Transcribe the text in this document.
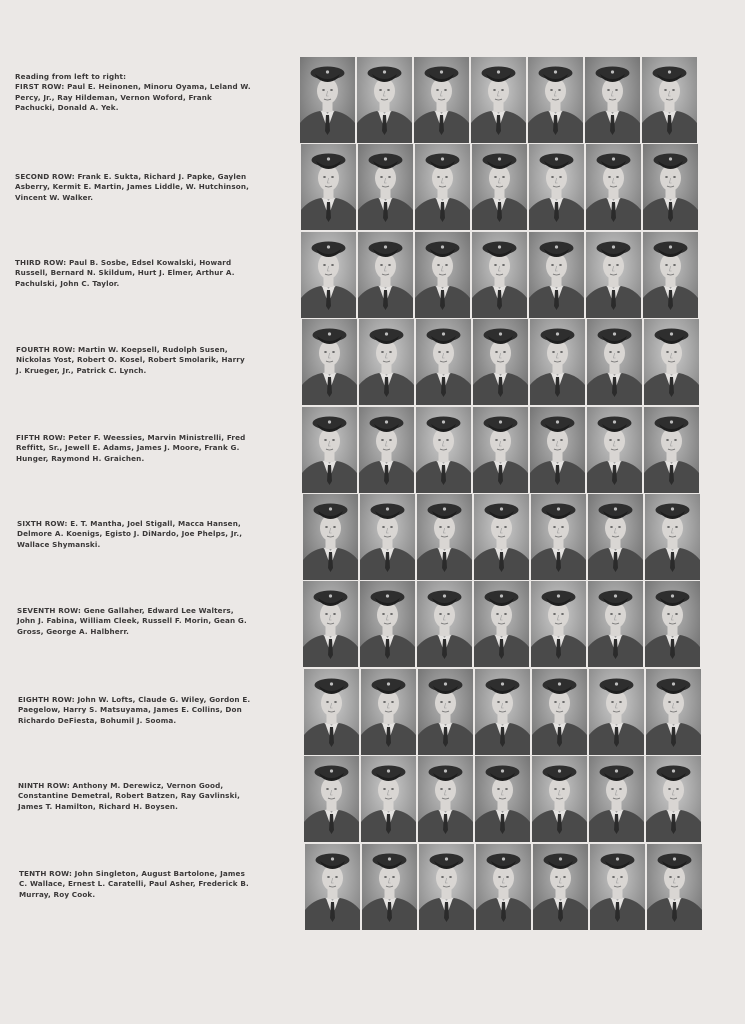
Reading from left to right:
FIRST ROW: Paul E. Heinonen, Minoru Oyama, Leland W. Percy, Jr., Ray Hildeman, Vernon Woford, Frank Pachucki, Donald A. Yek.
SECOND ROW: Frank E. Sukta, Richard J. Papke, Gaylen Asberry, Kermit E. Martin, James Liddle, W. Hutchinson, Vincent W. Walker.
THIRD ROW: Paul B. Sosbe, Edsel Kowalski, Howard Russell, Bernard N. Skildum, Hurt J. Elmer, Arthur A. Pachulski, John C. Taylor.
FOURTH ROW: Martin W. Koepsell, Rudolph Susen, Nickolas Yost, Robert O. Kosel, Robert Smolarik, Harry J. Krueger, Jr., Patrick C. Lynch.
FIFTH ROW: Peter F. Weessies, Marvin Ministrelli, Fred Reffitt, Sr., Jewell E. Adams, James J. Moore, Frank G. Hunger, Raymond H. Graichen.
SIXTH ROW: E. T. Mantha, Joel Stigall, Macca Hansen, Delmore A. Koenigs, Egisto J. DiNardo, Joe Phelps, Jr., Wallace Shymanski.
SEVENTH ROW: Gene Gallaher, Edward Lee Walters, John J. Fabina, William Cleek, Russell F. Morin, Gean G. Gross, George A. Halbherr.
EIGHTH ROW: John W. Lofts, Claude G. Wiley, Gordon E. Paegelow, Harry S. Matsuyama, James E. Collins, Don Richardo DeFiesta, Bohumil J. Sooma.
NINTH ROW: Anthony M. Derewicz, Vernon Good, Constantine Demetral, Robert Batzen, Ray Gavlinski, James T. Hamilton, Richard H. Boysen.
TENTH ROW: John Singleton, August Bartolone, James C. Wallace, Ernest L. Caratelli, Paul Asher, Frederick B. Murray, Roy Cook.
